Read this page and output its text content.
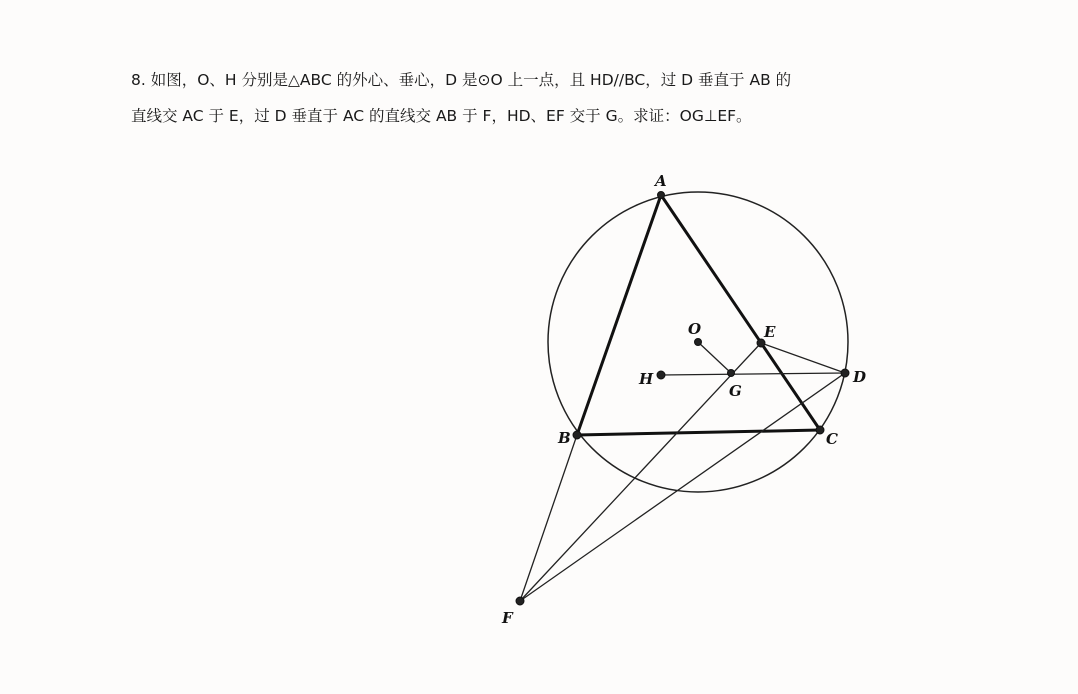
8. 如图，O、H 分别是△ABC 的外心、垂心，D 是⊙O 上一点，且 HD//BC，过 D 垂直于 AB 的
直线交 AC 于 E，过 D 垂直于 AC 的直线交 AB 于 F，HD、EF 交于 G。求证：OG⊥EF。
A
B	C
D
E
F
G
H
O
